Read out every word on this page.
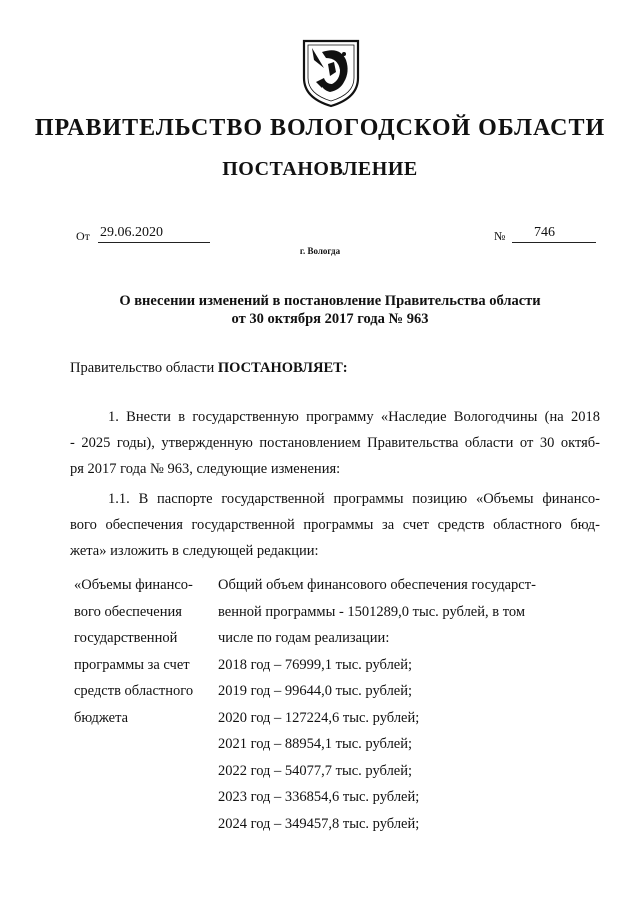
ПРАВИТЕЛЬСТВО ВОЛОГОДСКОЙ ОБЛАСТИ
ПОСТАНОВЛЕНИЕ
От 29.06.2020	№	746
г. Вологда
О внесении изменений в постановление Правительства области
от 30 октября 2017 года № 963
Правительство области ПОСТАНОВЛЯЕТ:
1. Внести в государственную программу «Наследие Вологодчины (на 2018
- 2025 годы), утвержденную постановлением Правительства области от 30 октяб-
ря 2017 года № 963, следующие изменения:
1.1. В паспорте государственной программы позицию «Объемы финансо-
вого обеспечения государственной программы за счет средств областного бюд-
жета» изложить в следующей редакции:
«Объемы финансо-
вого обеспечения
государственной
программы за счет
средств областного
бюджета
Общий объем финансового обеспечения государст-
венной программы - 1501289,0 тыс. рублей, в том
числе по годам реализации:
2018 год – 76999,1 тыс. рублей;
2019 год – 99644,0 тыс. рублей;
2020 год – 127224,6 тыс. рублей;
2021 год – 88954,1 тыс. рублей;
2022 год – 54077,7 тыс. рублей;
2023 год – 336854,6 тыс. рублей;
2024 год – 349457,8 тыс. рублей;
